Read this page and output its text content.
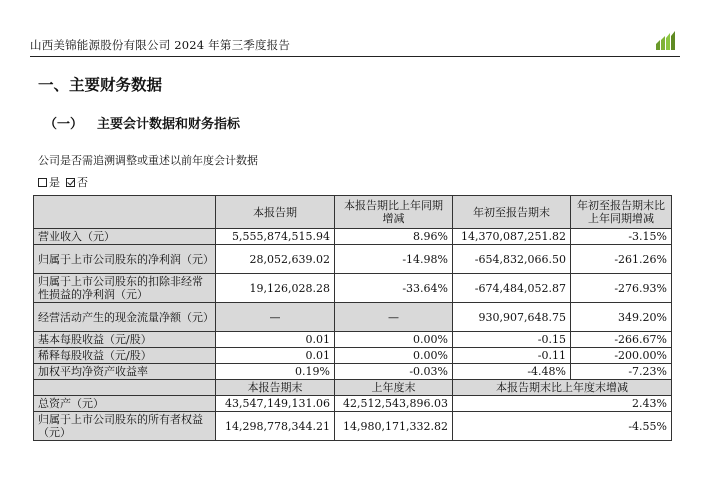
山西美锦能源股份有限公司 2024 年第三季度报告
一、主要财务数据
（一） 主要会计数据和财务指标
公司是否需追溯调整或重述以前年度会计数据
是 否
	本报告期	本报告期比上年同期增减	年初至报告期末	年初至报告期末比上年同期增减
营业收入（元）	5,555,874,515.94	8.96%	14,370,087,251.82	-3.15%
归属于上市公司股东的净利润（元）	28,052,639.02	-14.98%	-654,832,066.50	-261.26%
归属于上市公司股东的扣除非经常性损益的净利润（元）	19,126,028.28	-33.64%	-674,484,052.87	-276.93%
经营活动产生的现金流量净额（元）	—	—	930,907,648.75	349.20%
基本每股收益（元/股）	0.01	0.00%	-0.15	-266.67%
稀释每股收益（元/股）	0.01	0.00%	-0.11	-200.00%
加权平均净资产收益率	0.19%	-0.03%	-4.48%	-7.23%
	本报告期末	上年度末	本报告期末比上年度末增减	
总资产（元）	43,547,149,131.06	42,512,543,896.03	2.43%	
归属于上市公司股东的所有者权益（元）	14,298,778,344.21	14,980,171,332.82	-4.55%	
